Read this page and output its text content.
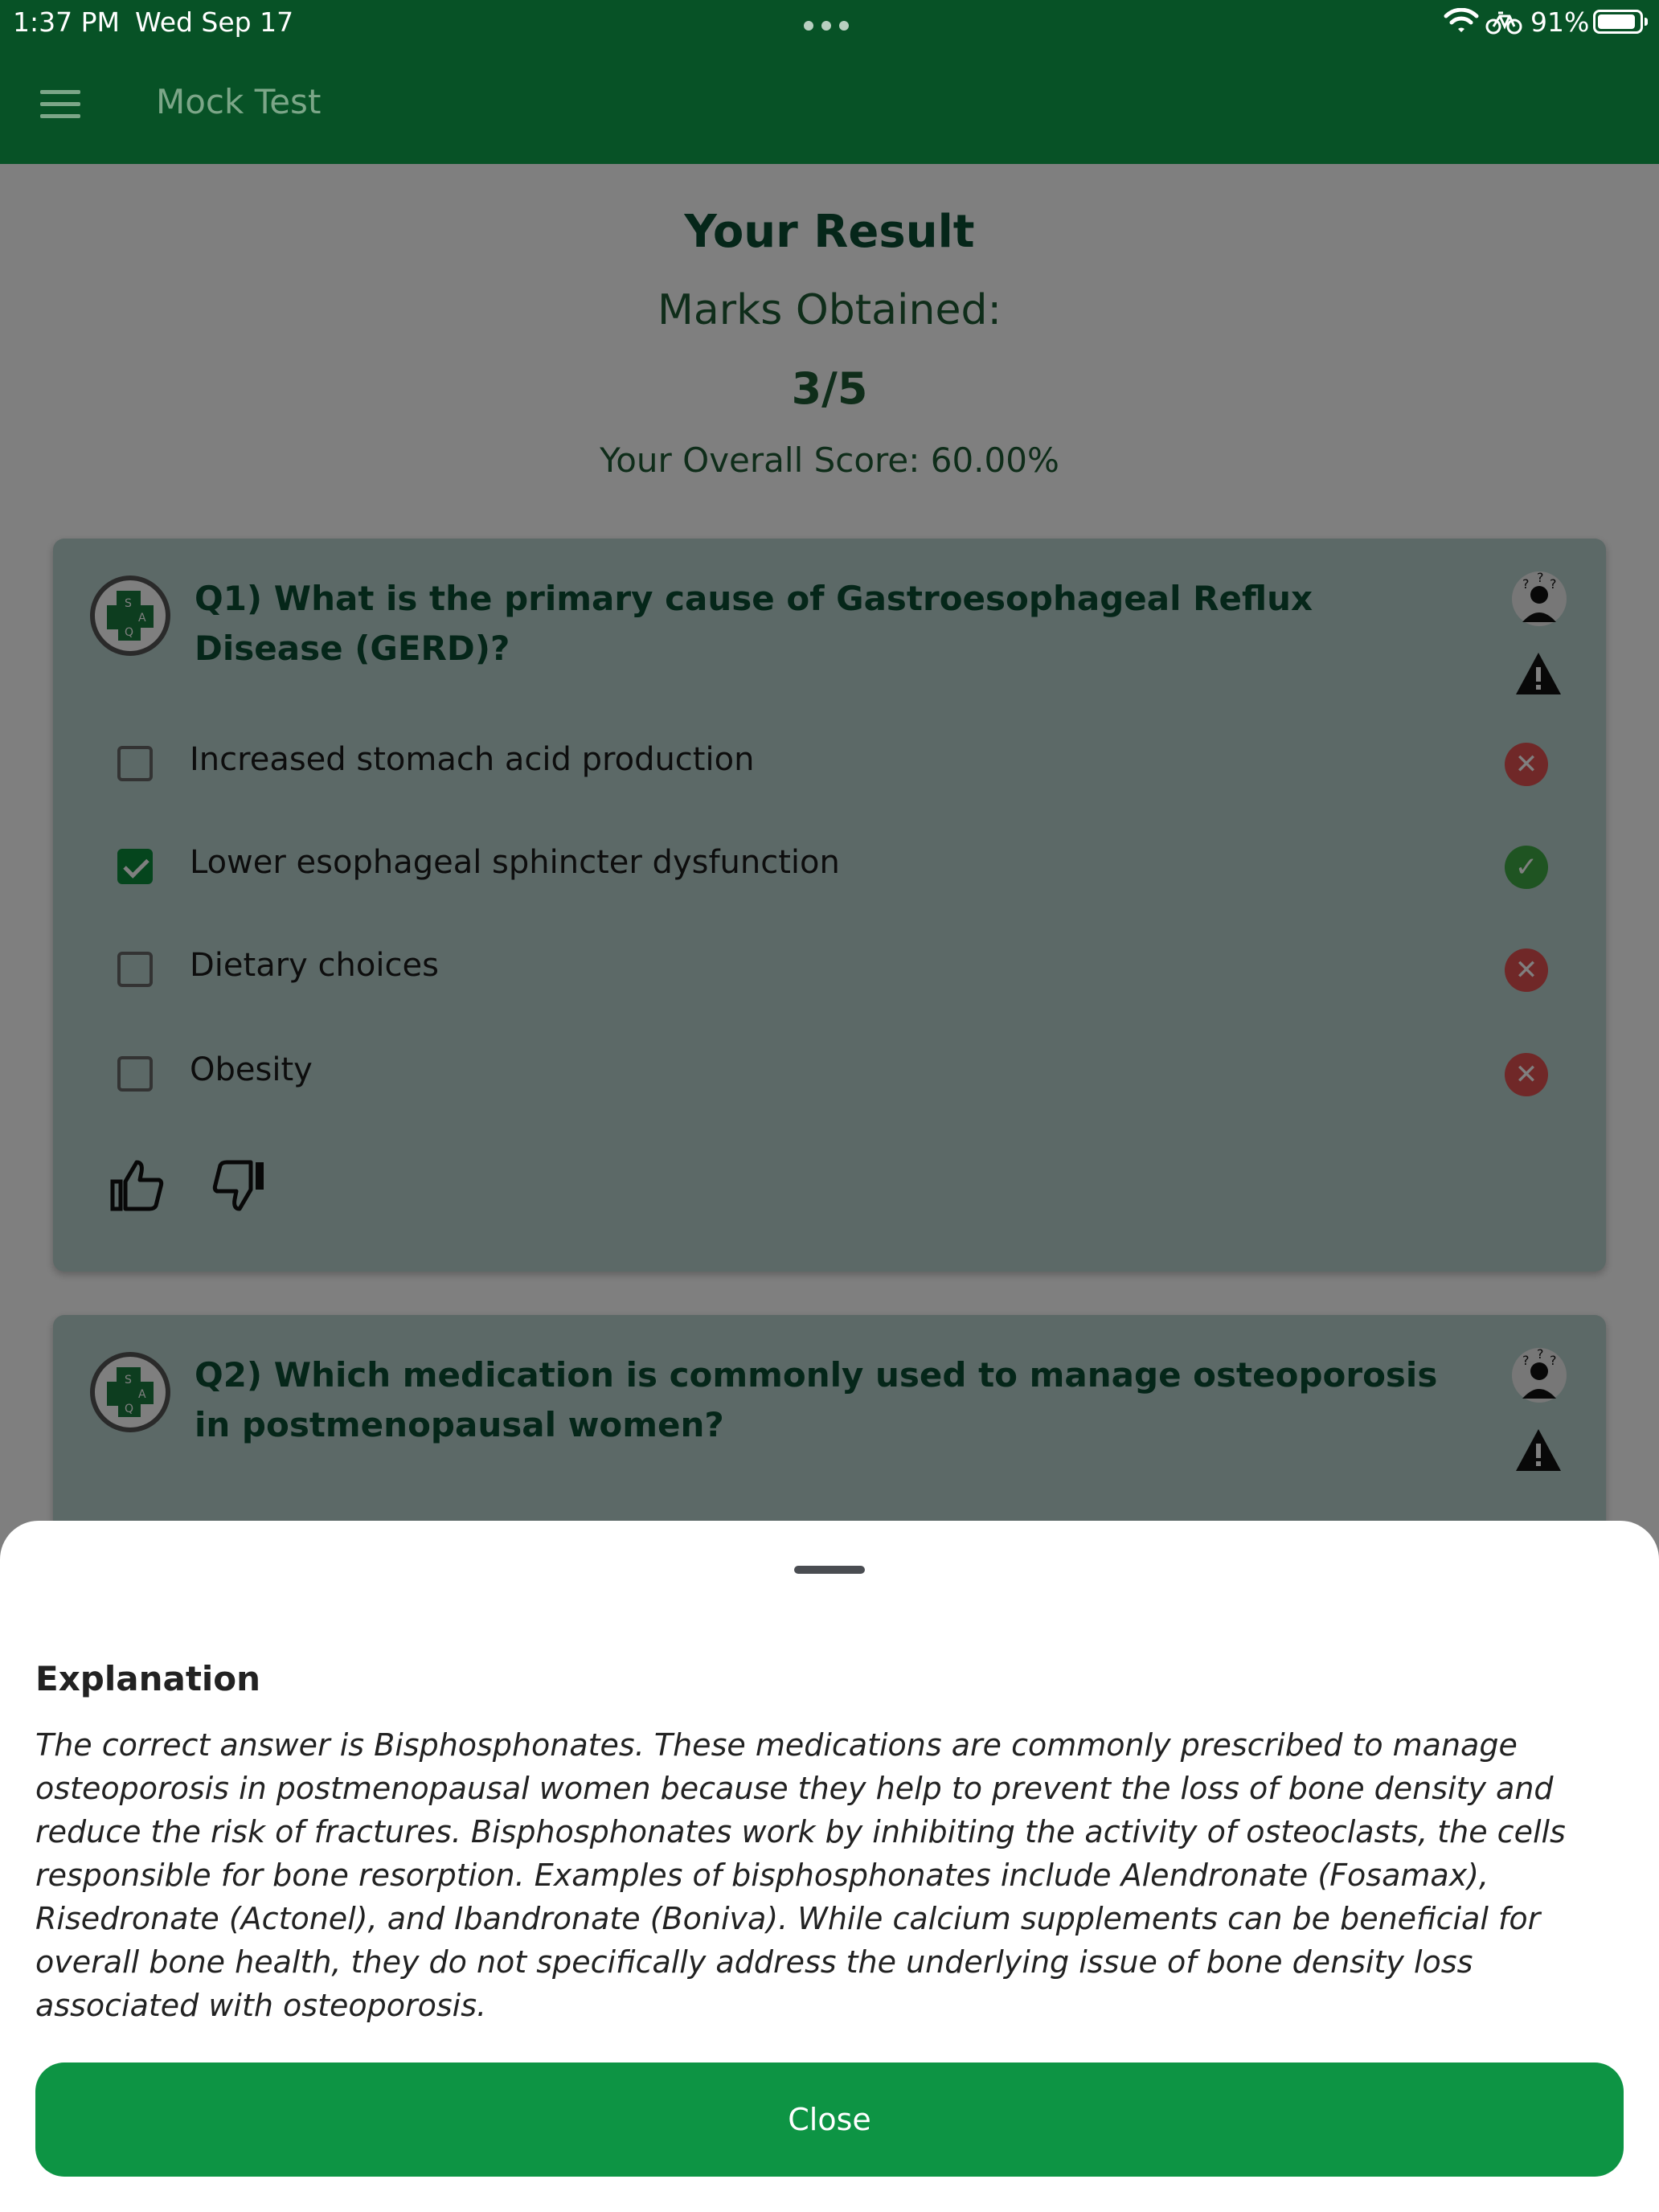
1:37 PM Wed Sep 17	91%
Mock Test
Explanation
The correct answer is Bisphosphonates. These medications are commonly prescribed to manage osteoporosis in postmenopausal women because they help to prevent the loss of bone density and reduce the risk of fractures. Bisphosphonates work by inhibiting the activity of osteoclasts, the cells responsible for bone resorption. Examples of bisphosphonates include Alendronate (Fosamax), Risedronate (Actonel), and Ibandronate (Boniva). While calcium supplements can be beneficial for overall bone health, they do not specifically address the underlying issue of bone density loss associated with osteoporosis.
Close
